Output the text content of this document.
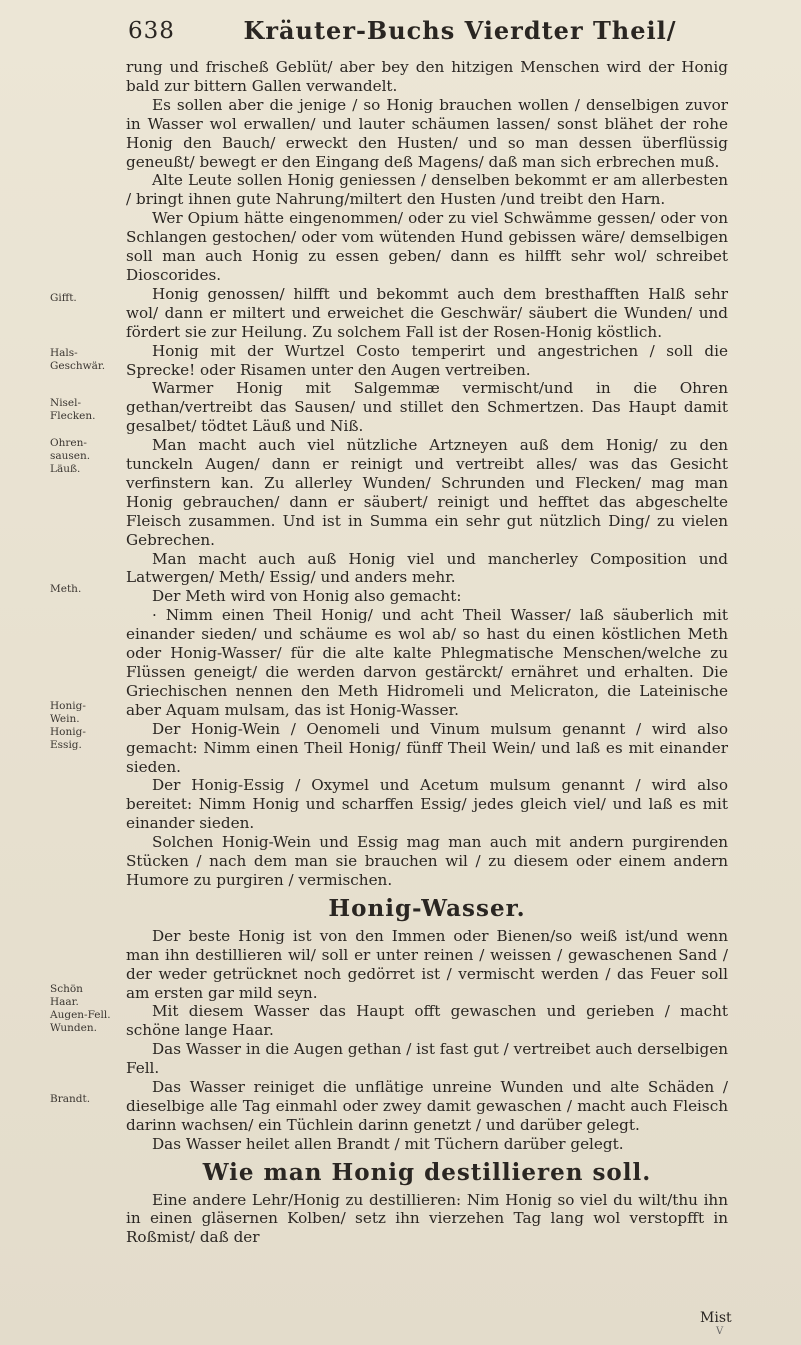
638	Kräuter-Buchs Vierdter Theil/
Gifft.
Hals-Geschwär.
Nisel-Flecken.
Ohren-sausen. Läuß.
Meth.
Honig-Wein. Honig-Essig.
Schön Haar. Augen-Fell. Wunden.
Brandt.

rung und frischeß Geblüt/ aber bey den hitzigen Menschen wird der Honig bald zur bittern Gallen verwandelt.

Es sollen aber die jenige / so Honig brauchen wollen / denselbigen zuvor in Wasser wol erwallen/ und lauter schäumen lassen/ sonst blähet der rohe Honig den Bauch/ erweckt den Husten/ und so man dessen überflüssig geneußt/ bewegt er den Eingang deß Magens/ daß man sich erbrechen muß.

Alte Leute sollen Honig geniessen / denselben bekommt er am allerbesten / bringt ihnen gute Nahrung/miltert den Husten /und treibt den Harn.

Wer Opium hätte eingenommen/ oder zu viel Schwämme gessen/ oder von Schlangen gestochen/ oder vom wütenden Hund gebissen wäre/ demselbigen soll man auch Honig zu essen geben/ dann es hilfft sehr wol/ schreibet Dioscorides.

Honig genossen/ hilfft und bekommt auch dem bresthafften Halß sehr wol/ dann er miltert und erweichet die Geschwär/ säubert die Wunden/ und fördert sie zur Heilung. Zu solchem Fall ist der Rosen-Honig köstlich.

Honig mit der Wurtzel Costo temperirt und angestrichen / soll die Sprecke! oder Risamen unter den Augen vertreiben.

Warmer Honig mit Salgemmæ vermischt/und in die Ohren gethan/vertreibt das Sausen/ und stillet den Schmertzen. Das Haupt damit gesalbet/ tödtet Läuß und Niß.

Man macht auch viel nützliche Artzneyen auß dem Honig/ zu den tunckeln Augen/ dann er reinigt und vertreibt alles/ was das Gesicht verfinstern kan. Zu allerley Wunden/ Schrunden und Flecken/ mag man Honig gebrauchen/ dann er säubert/ reinigt und hefftet das abgeschelte Fleisch zusammen. Und ist in Summa ein sehr gut nützlich Ding/ zu vielen Gebrechen.

Man macht auch auß Honig viel und mancherley Composition und Latwergen/ Meth/ Essig/ und anders mehr.

Der Meth wird von Honig also gemacht:

· Nimm einen Theil Honig/ und acht Theil Wasser/ laß säuberlich mit einander sieden/ und schäume es wol ab/ so hast du einen köstlichen Meth oder Honig-Wasser/ für die alte kalte Phlegmatische Menschen/welche zu Flüssen geneigt/ die werden darvon gestärckt/ ernähret und erhalten. Die Griechischen nennen den Meth Hidromeli und Melicraton, die Lateinische aber Aquam mulsam, das ist Honig-Wasser.

Der Honig-Wein / Oenomeli und Vinum mulsum genannt / wird also gemacht: Nimm einen Theil Honig/ fünff Theil Wein/ und laß es mit einander sieden.

Der Honig-Essig / Oxymel und Acetum mulsum genannt / wird also bereitet: Nimm Honig und scharffen Essig/ jedes gleich viel/ und laß es mit einander sieden.

Solchen Honig-Wein und Essig mag man auch mit andern purgirenden Stücken / nach dem man sie brauchen wil / zu diesem oder einem andern Humore zu purgiren / vermischen.

Honig-Wasser.

Der beste Honig ist von den Immen oder Bienen/so weiß ist/und wenn man ihn destillieren wil/ soll er unter reinen / weissen / gewaschenen Sand / der weder getrücknet noch gedörret ist / vermischt werden / das Feuer soll am ersten gar mild seyn.

Mit diesem Wasser das Haupt offt gewaschen und gerieben / macht schöne lange Haar.

Das Wasser in die Augen gethan / ist fast gut / vertreibet auch derselbigen Fell.

Das Wasser reiniget die unflätige unreine Wunden und alte Schäden / dieselbige alle Tag einmahl oder zwey damit gewaschen / macht auch Fleisch darinn wachsen/ ein Tüchlein darinn genetzt / und darüber gelegt.

Das Wasser heilet allen Brandt / mit Tüchern darüber gelegt.

Wie man Honig destillieren soll.

Eine andere Lehr/Honig zu destillieren: Nim Honig so viel du wilt/thu ihn in einen gläsernen Kolben/ setz ihn vierzehen Tag lang wol verstopfft in Roßmist/ daß der

Mist
V
